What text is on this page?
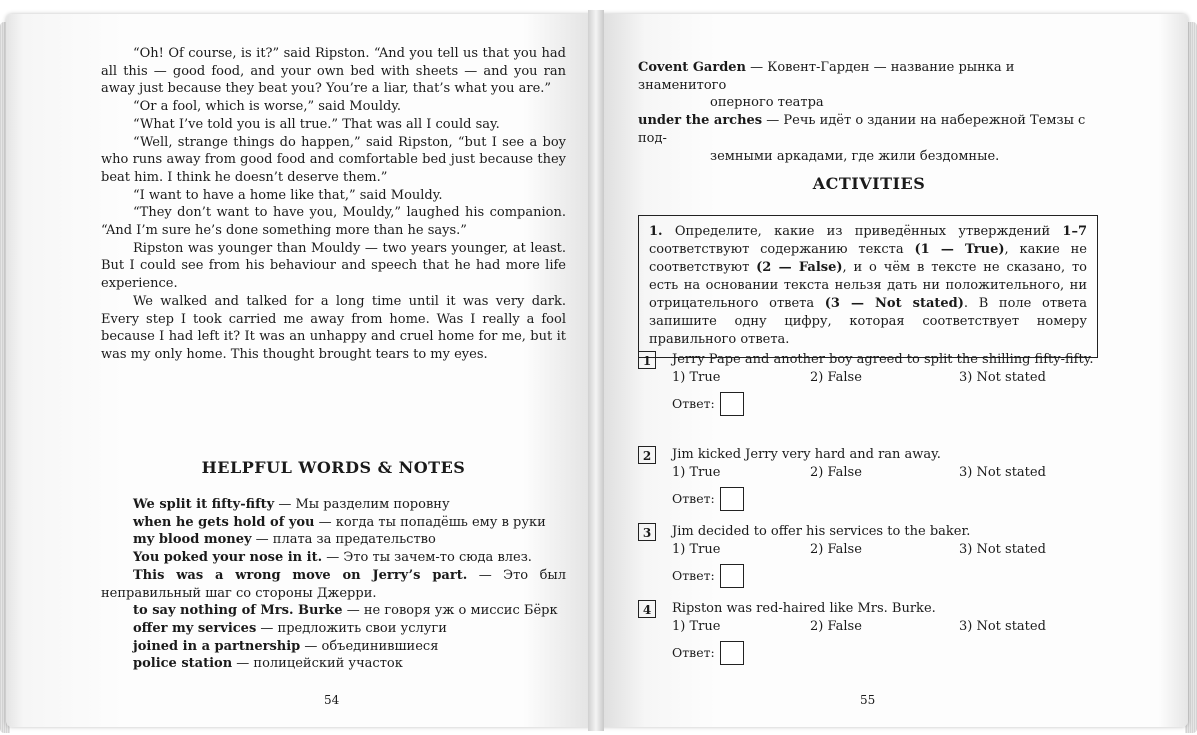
“Oh! Of course, is it?” said Ripston. “And you tell us that you had all this — good food, and your own bed with sheets — and you ran away just because they beat you? You’re a liar, that’s what you are.”

“Or a fool, which is worse,” said Mouldy.

“What I’ve told you is all true.” That was all I could say.

“Well, strange things do happen,” said Ripston, “but I see a boy who runs away from good food and comfortable bed just because they beat him. I think he doesn’t deserve them.”

“I want to have a home like that,” said Mouldy.

“They don’t want to have you, Mouldy,” laughed his companion. “And I’m sure he’s done something more than he says.”

Ripston was younger than Mouldy — two years younger, at least. But I could see from his behaviour and speech that he had more life experience.

We walked and talked for a long time until it was very dark. Every step I took carried me away from home. Was I really a fool because I had left it? It was an unhappy and cruel home for me, but it was my only home. This thought brought tears to my eyes.

HELPFUL WORDS & NOTES

We split it fifty-fifty — Мы разделим поровну

when he gets hold of you — когда ты попадёшь ему в руки

my blood money — плата за предательство

You poked your nose in it. — Это ты зачем-то сюда влез.

This was a wrong move on Jerry’s part. — Это был неправильный шаг со стороны Джерри.

to say nothing of Mrs. Burke — не говоря уж о миссис Бёрк

offer my services — предложить свои услуги

joined in a partnership — объединившиеся

police station — полицейский участок

54

Covent Garden — Ковент-Гарден — название рынка и знаменитого

оперного театра

under the arches — Речь идёт о здании на набережной Темзы с под-

земными аркадами, где жили бездомные.

ACTIVITIES
1. Определите, какие из приведённых утверждений 1–7 соответствуют содержанию текста (1 — True), какие не соответствуют (2 — False), и о чём в тексте не сказано, то есть на основании текста нельзя дать ни положительного, ни отрицательного ответа (3 — Not stated). В поле ответа запишите одну цифру, которая соответствует номеру правильного ответа.
1	Jerry Pape and another boy agreed to split the shilling fifty-fifty.
1) True	2) False	3) Not stated
Ответ:
2	Jim kicked Jerry very hard and ran away.
1) True	2) False	3) Not stated
Ответ:
3	Jim decided to offer his services to the baker.
1) True	2) False	3) Not stated
Ответ:
4	Ripston was red-haired like Mrs. Burke.
1) True	2) False	3) Not stated
Ответ:
55
